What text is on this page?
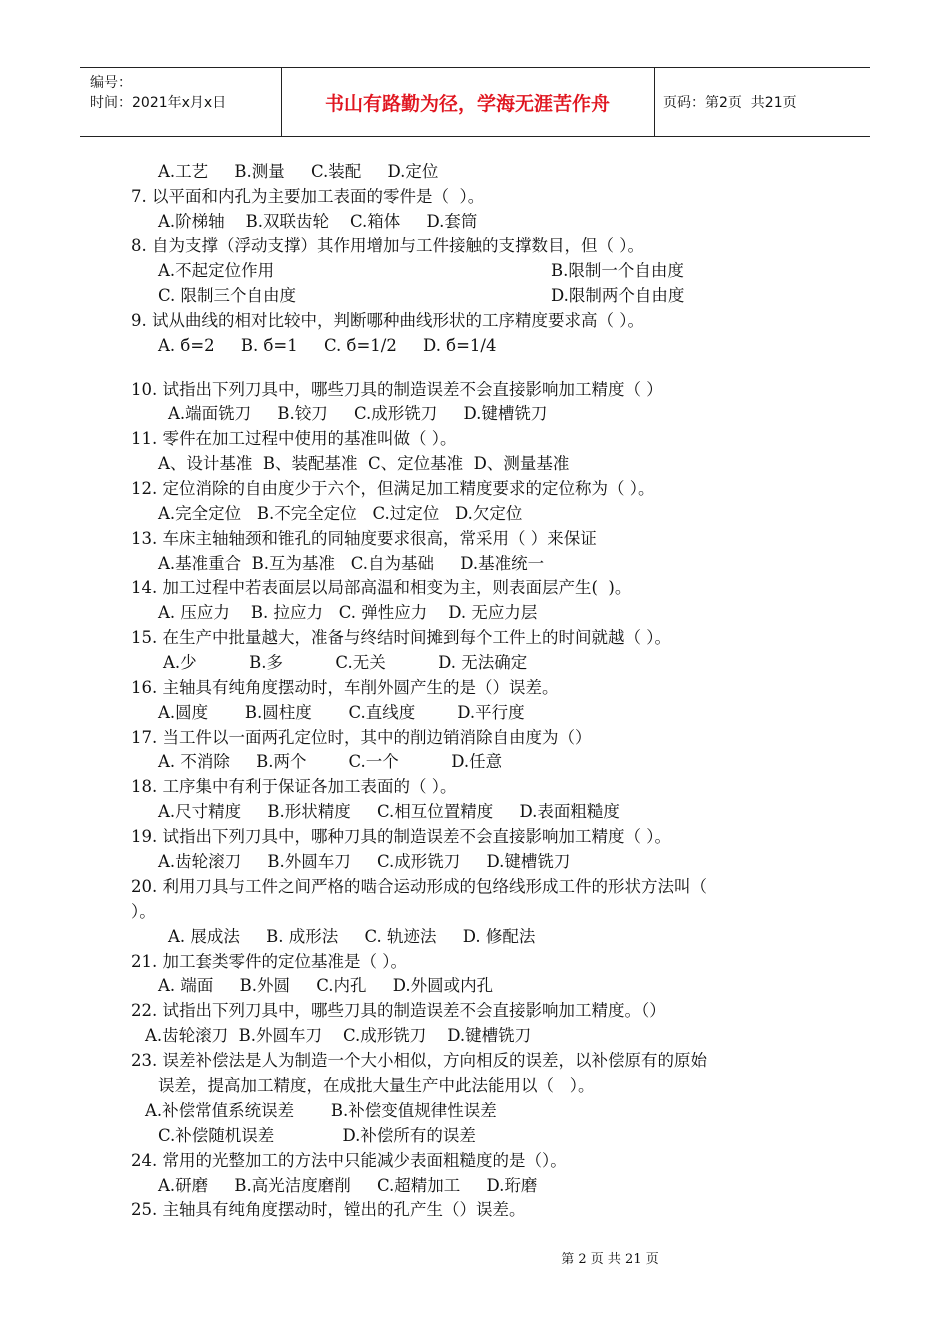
编号：
时间：2021年x月x日	书山有路勤为径，学海无涯苦作舟	页码：第2页  共21页
A.工艺     B.测量     C.装配     D.定位
7. 以平面和内孔为主要加工表面的零件是（  ）。
A.阶梯轴    B.双联齿轮    C.箱体     D.套筒
8. 自为支撑（浮动支撑）其作用增加与工件接触的支撑数目，但（ ）。
A.不起定位作用	B.限制一个自由度
C. 限制三个自由度	D.限制两个自由度
9. 试从曲线的相对比较中，判断哪种曲线形状的工序精度要求高（ ）。
A. б=2     B. б=1     C. б=1/2     D. б=1/4
10. 试指出下列刀具中，哪些刀具的制造误差不会直接影响加工精度（ ）
A.端面铣刀     B.铰刀     C.成形铣刀     D.键槽铣刀
11. 零件在加工过程中使用的基准叫做（ ）。
A、设计基准  B、装配基准  C、定位基准  D、测量基准
12. 定位消除的自由度少于六个，但满足加工精度要求的定位称为（ ）。
A.完全定位   B.不完全定位   C.过定位   D.欠定位
13. 车床主轴轴颈和锥孔的同轴度要求很高，常采用（ ）来保证
A.基准重合  B.互为基准   C.自为基础     D.基准统一
14. 加工过程中若表面层以局部高温和相变为主，则表面层产生(  )。
A. 压应力    B. 拉应力   C. 弹性应力    D. 无应力层
15. 在生产中批量越大，准备与终结时间摊到每个工件上的时间就越（ ）。
A.少          B.多          C.无关          D. 无法确定
16. 主轴具有纯角度摆动时，车削外圆产生的是（）误差。
A.圆度       B.圆柱度       C.直线度        D.平行度
17. 当工件以一面两孔定位时，其中的削边销消除自由度为（）
A. 不消除     B.两个        C.一个          D.任意
18. 工序集中有利于保证各加工表面的（ ）。
A.尺寸精度     B.形状精度     C.相互位置精度     D.表面粗糙度
19. 试指出下列刀具中，哪种刀具的制造误差不会直接影响加工精度（ ）。
A.齿轮滚刀     B.外圆车刀     C.成形铣刀     D.键槽铣刀
20. 利用刀具与工件之间严格的啮合运动形成的包络线形成工件的形状方法叫（
）。
A. 展成法     B. 成形法     C. 轨迹法     D. 修配法
21. 加工套类零件的定位基准是（ ）。
A. 端面     B.外圆     C.内孔     D.外圆或内孔
22. 试指出下列刀具中，哪些刀具的制造误差不会直接影响加工精度。（）
A.齿轮滚刀  B.外圆车刀    C.成形铣刀    D.键槽铣刀
23. 误差补偿法是人为制造一个大小相似，方向相反的误差，以补偿原有的原始
误差，提高加工精度，在成批大量生产中此法能用以（   ）。
A.补偿常值系统误差       B.补偿变值规律性误差
C.补偿随机误差             D.补偿所有的误差
24. 常用的光整加工的方法中只能减少表面粗糙度的是（）。
A.研磨     B.高光洁度磨削     C.超精加工     D.珩磨
25. 主轴具有纯角度摆动时，镗出的孔产生（）误差。
第 2 页 共 21 页
